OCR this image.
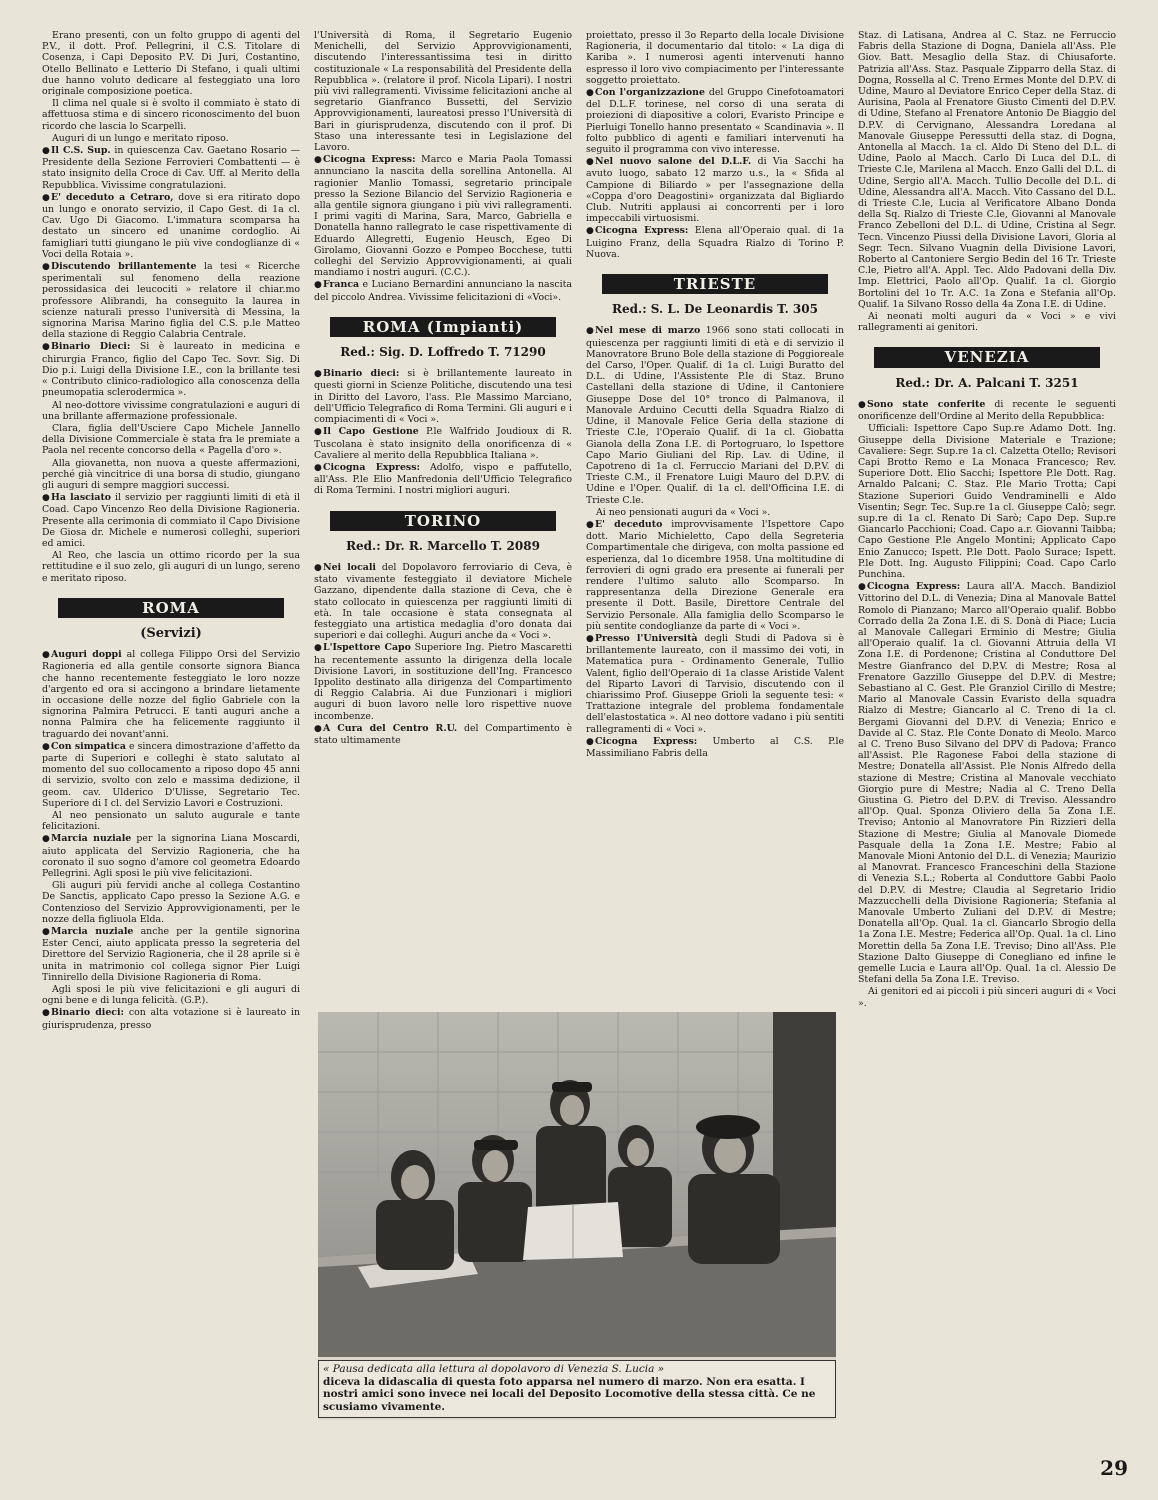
Erano presenti, con un folto gruppo di agenti del P.V., il dott. Prof. Pellegrini, il C.S. Titolare di Cosenza, i Capi Deposito P.V. Di Juri, Costantino, Otello Bellinato e Letterio Di Stefano, i quali ultimi due hanno voluto dedicare al festeggiato una loro originale composizione poetica.

Il clima nel quale si è svolto il commiato è stato di affettuosa stima e di sincero riconoscimento del buon ricordo che lascia lo Scarpelli.

Auguri di un lungo e meritato riposo.

●Il C.S. Sup. in quiescenza Cav. Gaetano Rosario — Presidente della Sezione Ferrovieri Combattenti — è stato insignito della Croce di Cav. Uff. al Merito della Repubblica. Vivissime congratulazioni.

●E' deceduto a Cetraro, dove si era ritirato dopo un lungo e onorato servizio, il Capo Gest. di 1a cl. Cav. Ugo Di Giacomo. L'immatura scomparsa ha destato un sincero ed unanime cordoglio. Ai famigliari tutti giungano le più vive condoglianze di « Voci della Rotaia ».

●Discutendo brillantemente la tesi « Ricerche sperimentali sul fenomeno della reazione perossidasica dei leucociti » relatore il chiar.mo professore Alibrandi, ha conseguito la laurea in scienze naturali presso l'università di Messina, la signorina Marisa Marino figlia del C.S. p.le Matteo della stazione di Reggio Calabria Centrale.

●Binario Dieci: Si è laureato in medicina e chirurgia Franco, figlio del Capo Tec. Sovr. Sig. Di Dio p.i. Luigi della Divisione I.E., con la brillante tesi « Contributo clinico-radiologico alla conoscenza della pneumopatia sclerodermica ».

Al neo-dottore vivissime congratulazioni e auguri di una brillante affermazione professionale.

Clara, figlia dell'Usciere Capo Michele Jannello della Divisione Commerciale è stata fra le premiate a Paola nel recente concorso della « Pagella d'oro ».

Alla giovanetta, non nuova a queste affermazioni, perché già vincitrice di una borsa di studio, giungano gli auguri di sempre maggiori successi.

●Ha lasciato il servizio per raggiunti limiti di età il Coad. Capo Vincenzo Reo della Divisione Ragioneria. Presente alla cerimonia di commiato il Capo Divisione De Giosa dr. Michele e numerosi colleghi, superiori ed amici.

Al Reo, che lascia un ottimo ricordo per la sua rettitudine e il suo zelo, gli auguri di un lungo, sereno e meritato riposo.

ROMA
(Servizi)

●Auguri doppi al collega Filippo Orsi del Servizio Ragioneria ed alla gentile consorte signora Bianca che hanno recentemente festeggiato le loro nozze d'argento ed ora si accingono a brindare lietamente in occasione delle nozze del figlio Gabriele con la signorina Palmira Petrucci. E tanti auguri anche a nonna Palmira che ha felicemente raggiunto il traguardo dei novant'anni.

●Con simpatica e sincera dimostrazione d'affetto da parte di Superiori e colleghi è stato salutato al momento del suo collocamento a riposo dopo 45 anni di servizio, svolto con zelo e massima dedizione, il geom. cav. Ulderico D'Ulisse, Segretario Tec. Superiore di I cl. del Servizio Lavori e Costruzioni.

Al neo pensionato un saluto augurale e tante felicitazioni.

●Marcia nuziale per la signorina Liana Moscardi, aiuto applicata del Servizio Ragioneria, che ha coronato il suo sogno d'amore col geometra Edoardo Pellegrini. Agli sposi le più vive felicitazioni.

Gli auguri più fervidi anche al collega Costantino De Sanctis, applicato Capo presso la Sezione A.G. e Contenzioso del Servizio Approvvigionamenti, per le nozze della figliuola Elda.

●Marcia nuziale anche per la gentile signorina Ester Cenci, aiuto applicata presso la segreteria del Direttore del Servizio Ragioneria, che il 28 aprile si è unita in matrimonio col collega signor Pier Luigi Tinnirello della Divisione Ragioneria di Roma.

Agli sposi le più vive felicitazioni e gli auguri di ogni bene e di lunga felicità. (G.P.).

●Binario dieci: con alta votazione si è laureato in giurisprudenza, presso

l'Università di Roma, il Segretario Eugenio Menichelli, del Servizio Approvvigionamenti, discutendo l'interessantissima tesi in diritto costituzionale « La responsabilità del Presidente della Repubblica ». (relatore il prof. Nicola Lipari). I nostri più vivi rallegramenti. Vivissime felicitazioni anche al segretario Gianfranco Bussetti, del Servizio Approvvigionamenti, laureatosi presso l'Università di Bari in giurisprudenza, discutendo con il prof. Di Staso una interessante tesi in Legislazione del Lavoro.

●Cicogna Express: Marco e Maria Paola Tomassi annunciano la nascita della sorellina Antonella. Al ragionier Manlio Tomassi, segretario principale presso la Sezione Bilancio del Servizio Ragioneria e alla gentile signora giungano i più vivi rallegramenti. I primi vagiti di Marina, Sara, Marco, Gabriella e Donatella hanno rallegrato le case rispettivamente di Eduardo Allegretti, Eugenio Heusch, Egeo Di Girolamo, Giovanni Gozzo e Pompeo Bocchese, tutti colleghi del Servizio Approvvigionamenti, ai quali mandiamo i nostri auguri. (C.C.).

●Franca e Luciano Bernardini annunciano la nascita del piccolo Andrea. Vivissime felicitazioni di «Voci».

ROMA (Impianti)
Red.: Sig. D. Loffredo T. 71290

●Binario dieci: si è brillantemente laureato in questi giorni in Scienze Politiche, discutendo una tesi in Diritto del Lavoro, l'ass. P.le Massimo Marciano, dell'Ufficio Telegrafico di Roma Termini. Gli auguri e i compiacimenti di « Voci ».

●Il Capo Gestione P.le Walfrido Joudioux di R. Tuscolana è stato insignito della onorificenza di « Cavaliere al merito della Repubblica Italiana ».

●Cicogna Express: Adolfo, vispo e paffutello, all'Ass. P.le Elio Manfredonia dell'Ufficio Telegrafico di Roma Termini. I nostri migliori auguri.

TORINO
Red.: Dr. R. Marcello T. 2089

●Nei locali del Dopolavoro ferroviario di Ceva, è stato vivamente festeggiato il deviatore Michele Gazzano, dipendente dalla stazione di Ceva, che è stato collocato in quiescenza per raggiunti limiti di età. In tale occasione è stata consegnata al festeggiato una artistica medaglia d'oro donata dai superiori e dai colleghi. Auguri anche da « Voci ».

●L'Ispettore Capo Superiore Ing. Pietro Mascaretti ha recentemente assunto la dirigenza della locale Divisione Lavori, in sostituzione dell'Ing. Francesco Ippolito destinato alla dirigenza del Compartimento di Reggio Calabria. Ai due Funzionari i migliori auguri di buon lavoro nelle loro rispettive nuove incombenze.

●A Cura del Centro R.U. del Compartimento è stato ultimamente

proiettato, presso il 3o Reparto della locale Divisione Ragioneria, il documentario dal titolo: « La diga di Kariba ». I numerosi agenti intervenuti hanno espresso il loro vivo compiacimento per l'interessante soggetto proiettato.

●Con l'organizzazione del Gruppo Cinefotoamatori del D.L.F. torinese, nel corso di una serata di proiezioni di diapositive a colori, Evaristo Principe e Pierluigi Tonello hanno presentato « Scandinavia ». Il folto pubblico di agenti e familiari intervenuti ha seguito il programma con vivo interesse.

●Nel nuovo salone del D.L.F. di Via Sacchi ha avuto luogo, sabato 12 marzo u.s., la « Sfida al Campione di Biliardo » per l'assegnazione della «Coppa d'oro Deagostini» organizzata dal Bigliardo Club. Nutriti applausi ai concorrenti per i loro impeccabili virtuosismi.

●Cicogna Express: Elena all'Operaio qual. di 1a Luigino Franz, della Squadra Rialzo di Torino P. Nuova.

TRIESTE
Red.: S. L. De Leonardis T. 305

●Nel mese di marzo 1966 sono stati collocati in quiescenza per raggiunti limiti di età e di servizio il Manovratore Bruno Bole della stazione di Poggioreale del Carso, l'Oper. Qualif. di 1a cl. Luigi Buratto del D.L. di Udine, l'Assistente P.le di Staz. Bruno Castellani della stazione di Udine, il Cantoniere Giuseppe Dose del 10° tronco di Palmanova, il Manovale Arduino Cecutti della Squadra Rialzo di Udine, il Manovale Felice Geria della stazione di Trieste C.le, l'Operaio Qualif. di 1a cl. Giobatta Gianola della Zona I.E. di Portogruaro, lo Ispettore Capo Mario Giuliani del Rip. Lav. di Udine, il Capotreno di 1a cl. Ferruccio Mariani del D.P.V. di Trieste C.M., il Frenatore Luigi Mauro del D.P.V. di Udine e l'Oper. Qualif. di 1a cl. dell'Officina I.E. di Trieste C.le.

Ai neo pensionati auguri da « Voci ».

●E' deceduto improvvisamente l'Ispettore Capo dott. Mario Michieletto, Capo della Segreteria Compartimentale che dirigeva, con molta passione ed esperienza, dal 1o dicembre 1958. Una moltitudine di ferrovieri di ogni grado era presente ai funerali per rendere l'ultimo saluto allo Scomparso. In rappresentanza della Direzione Generale era presente il Dott. Basile, Direttore Centrale del Servizio Personale. Alla famiglia dello Scomparso le più sentite condoglianze da parte di « Voci ».

●Presso l'Università degli Studi di Padova si è brillantemente laureato, con il massimo dei voti, in Matematica pura - Ordinamento Generale, Tullio Valent, figlio dell'Operaio di 1a classe Aristide Valent del Riparto Lavori di Tarvisio, discutendo con il chiarissimo Prof. Giuseppe Grioli la seguente tesi: « Trattazione integrale del problema fondamentale dell'elastostatica ». Al neo dottore vadano i più sentiti rallegramenti di « Voci ».

●Cicogna Express: Umberto al C.S. P.le Massimiliano Fabris della

Staz. di Latisana, Andrea al C. Staz. ne Ferruccio Fabris della Stazione di Dogna, Daniela all'Ass. P.le Giov. Batt. Mesaglio della Staz. di Chiusaforte. Patrizia all'Ass. Staz. Pasquale Zipparro della Staz. di Dogna, Rossella al C. Treno Ermes Monte del D.P.V. di Udine, Mauro al Deviatore Enrico Ceper della Staz. di Aurisina, Paola al Frenatore Giusto Cimenti del D.P.V. di Udine, Stefano al Frenatore Antonio De Biaggio del D.P.V. di Cervignano, Alessandra Loredana al Manovale Giuseppe Peressutti della staz. di Dogna, Antonella al Macch. 1a cl. Aldo Di Steno del D.L. di Udine, Paolo al Macch. Carlo Di Luca del D.L. di Trieste C.le, Marilena al Macch. Enzo Galli del D.L. di Udine, Sergio all'A. Macch. Tullio Decolle del D.L. di Udine, Alessandra all'A. Macch. Vito Cassano del D.L. di Trieste C.le, Lucia al Verificatore Albano Donda della Sq. Rialzo di Trieste C.le, Giovanni al Manovale Franco Zebelloni del D.L. di Udine, Cristina al Segr. Tecn. Vincenzo Piussi della Divisione Lavori, Gloria al Segr. Tecn. Silvano Vuagnin della Divisione Lavori, Roberto al Cantoniere Sergio Bedin del 16 Tr. Trieste C.le, Pietro all'A. Appl. Tec. Aldo Padovani della Div. Imp. Elettrici, Paolo all'Op. Qualif. 1a cl. Giorgio Bortolini del 1o Tr. A.C. 1a Zona e Stefania all'Op. Qualif. 1a Silvano Rosso della 4a Zona I.E. di Udine.

Ai neonati molti auguri da « Voci » e vivi rallegramenti ai genitori.

VENEZIA
Red.: Dr. A. Palcani T. 3251

●Sono state conferite di recente le seguenti onorificenze dell'Ordine al Merito della Repubblica:

Ufficiali: Ispettore Capo Sup.re Adamo Dott. Ing. Giuseppe della Divisione Materiale e Trazione; Cavaliere: Segr. Sup.re 1a cl. Calzetta Otello; Revisori Capi Brotto Remo e La Monaca Francesco; Rev. Superiore Dott. Elio Sacchi; Ispettore P.le Dott. Rag. Arnaldo Palcani; C. Staz. P.le Mario Trotta; Capi Stazione Superiori Guido Vendraminelli e Aldo Visentin; Segr. Tec. Sup.re 1a cl. Giuseppe Calò; segr. sup.re di 1a cl. Renato Di Sarò; Capo Dep. Sup.re Giancarlo Pacchioni; Coad. Capo a.r. Giovanni Taibba; Capo Gestione P.le Angelo Montini; Applicato Capo Enio Zanucco; Ispett. P.le Dott. Paolo Surace; Ispett. P.le Dott. Ing. Augusto Filippini; Coad. Capo Carlo Punchina.

●Cicogna Express: Laura all'A. Macch. Bandiziol Vittorino del D.L. di Venezia; Dina al Manovale Battel Romolo di Pianzano; Marco all'Operaio qualif. Bobbo Corrado della 2a Zona I.E. di S. Donà di Piace; Lucia al Manovale Callegari Erminio di Mestre; Giulia all'Operaio qualif. 1a cl. Giovanni Attruia della VI Zona I.E. di Pordenone; Cristina al Conduttore Del Mestre Gianfranco del D.P.V. di Mestre; Rosa al Frenatore Gazzillo Giuseppe del D.P.V. di Mestre; Sebastiano al C. Gest. P.le Granziol Cirillo di Mestre; Mario al Manovale Cassin Evaristo della squadra Rialzo di Mestre; Giancarlo al C. Treno di 1a cl. Bergami Giovanni del D.P.V. di Venezia; Enrico e Davide al C. Staz. P.le Conte Donato di Meolo. Marco al C. Treno Buso Silvano del DPV di Padova; Franco all'Assist. P.le Ragonese Faboi della stazione di Mestre; Donatella all'Assist. P.le Nonis Alfredo della stazione di Mestre; Cristina al Manovale vecchiato Giorgio pure di Mestre; Nadia al C. Treno Della Giustina G. Pietro del D.P.V. di Treviso. Alessandro all'Op. Qual. Sponza Oliviero della 5a Zona I.E. Treviso; Antonio al Manovratore Pin Rizzieri della Stazione di Mestre; Giulia al Manovale Diomede Pasquale della 1a Zona I.E. Mestre; Fabio al Manovale Mioni Antonio del D.L. di Venezia; Maurizio al Manovrat. Francesco Franceschini della Stazione di Venezia S.L.; Roberta al Conduttore Gabbi Paolo del D.P.V. di Mestre; Claudia al Segretario Iridio Mazzucchelli della Divisione Ragioneria; Stefania al Manovale Umberto Zuliani del D.P.V. di Mestre; Donatella all'Op. Qual. 1a cl. Giancarlo Sbrogio della 1a Zona I.E. Mestre; Federica all'Op. Qual. 1a cl. Lino Morettin della 5a Zona I.E. Treviso; Dino all'Ass. P.le Stazione Dalto Giuseppe di Conegliano ed infine le gemelle Lucia e Laura all'Op. Qual. 1a cl. Alessio De Stefani della 5a Zona I.E. Treviso.

Ai genitori ed ai piccoli i più sinceri auguri di « Voci ».

« Pausa dedicata alla lettura al dopolavoro di Venezia S. Lucia »
diceva la didascalia di questa foto apparsa nel numero di marzo. Non era esatta. I nostri amici sono invece nei locali del Deposito Locomotive della stessa città. Ce ne scusiamo vivamente.
29
